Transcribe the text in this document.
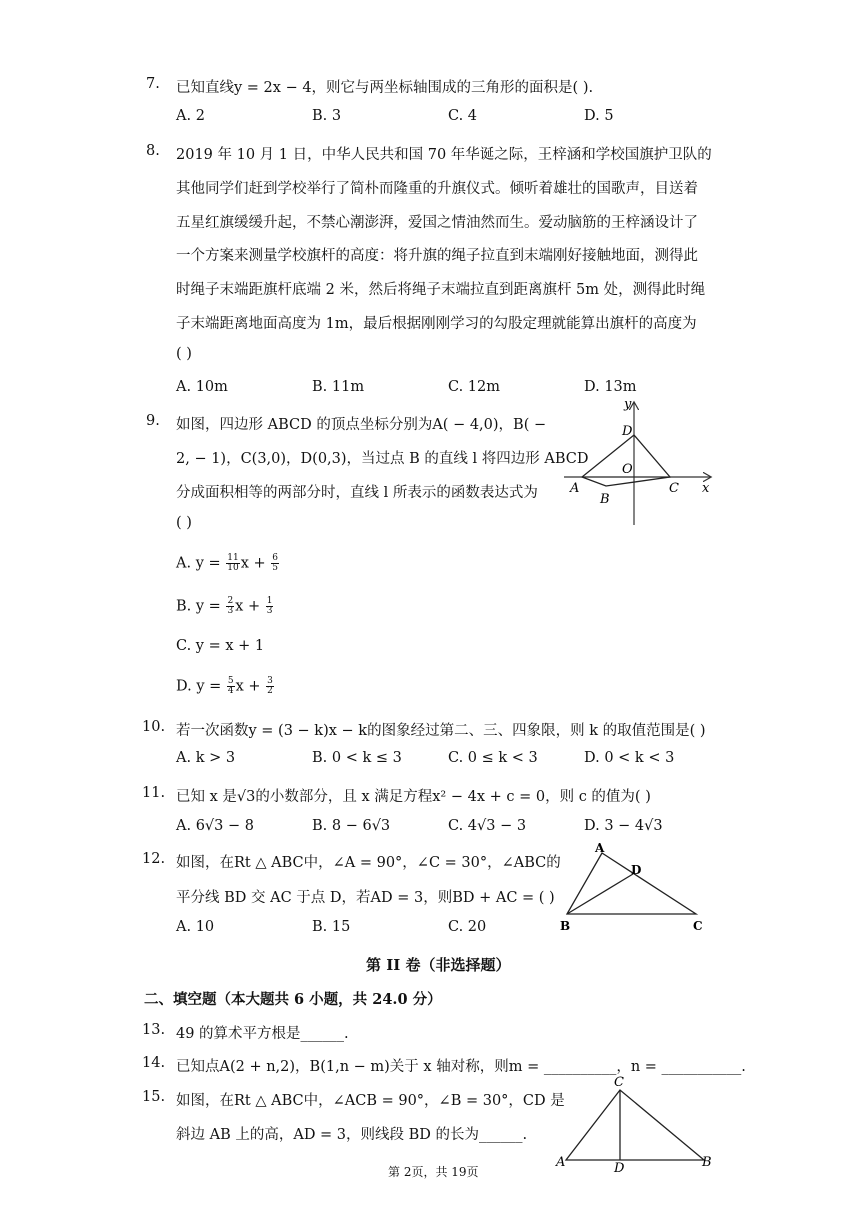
7. 已知直线y = 2x − 4，则它与两坐标轴围成的三角形的面积是( ).
A. 2	B. 3	C. 4	D. 5
8. 2019 年 10 月 1 日，中华人民共和国 70 年华诞之际，王梓涵和学校国旗护卫队的
其他同学们赶到学校举行了简朴而隆重的升旗仪式。倾听着雄壮的国歌声，目送着
五星红旗缓缓升起，不禁心潮澎湃，爱国之情油然而生。爱动脑筋的王梓涵设计了
一个方案来测量学校旗杆的高度：将升旗的绳子拉直到末端刚好接触地面，测得此
时绳子末端距旗杆底端 2 米，然后将绳子末端拉直到距离旗杆 5m 处，测得此时绳
子末端距离地面高度为 1m，最后根据刚刚学习的勾股定理就能算出旗杆的高度为
( )
A. 10m	B. 11m	C. 12m	D. 13m
9. 如图，四边形 ABCD 的顶点坐标分别为A( − 4,0)，B( −
2, − 1)，C(3,0)，D(0,3)，当过点 B 的直线 l 将四边形 ABCD
分成面积相等的两部分时，直线 l 所表示的函数表达式为
( )
A. $y = \frac{11}{10}$ $x + \frac{6}{5}$
B. $y = \frac{2}{3}$ $x + \frac{1}{3}$
C. y = x + 1
D. $y = \frac{5}{4}$ $x + \frac{3}{2}$
y
x
O
A
B
C
D
10. 若一次函数y = (3 − k)x − k的图象经过第二、三、四象限，则 k 的取值范围是( )
A. k > 3	B. 0 < k ≤ 3	C. 0 ≤ k < 3	D. 0 < k < 3
11. 已知 x 是√3的小数部分，且 x 满足方程x² − 4x + c = 0，则 c 的值为( )
A. 6√3 − 8	B. 8 − 6√3	C. 4√3 − 3	D. 3 − 4√3
12. 如图，在Rt △ ABC中，∠A = 90°，∠C = 30°，∠ABC的
平分线 BD 交 AC 于点 D，若AD = 3，则BD + AC = ( )
A. 10	B. 15	C. 20
A
B	C
D
第 II 卷（非选择题）
二、填空题（本大题共 6 小题，共 24.0 分）
13. 49 的算术平方根是______.
14. 已知点A(2 + n,2)，B(1,n − m)关于 x 轴对称，则m = __________，n = ___________.
15. 如图，在Rt △ ABC中，∠ACB = 90°，∠B = 30°，CD 是
斜边 AB 上的高，AD = 3，则线段 BD 的长为______.
C
A	B
D
第 2页，共 19页
